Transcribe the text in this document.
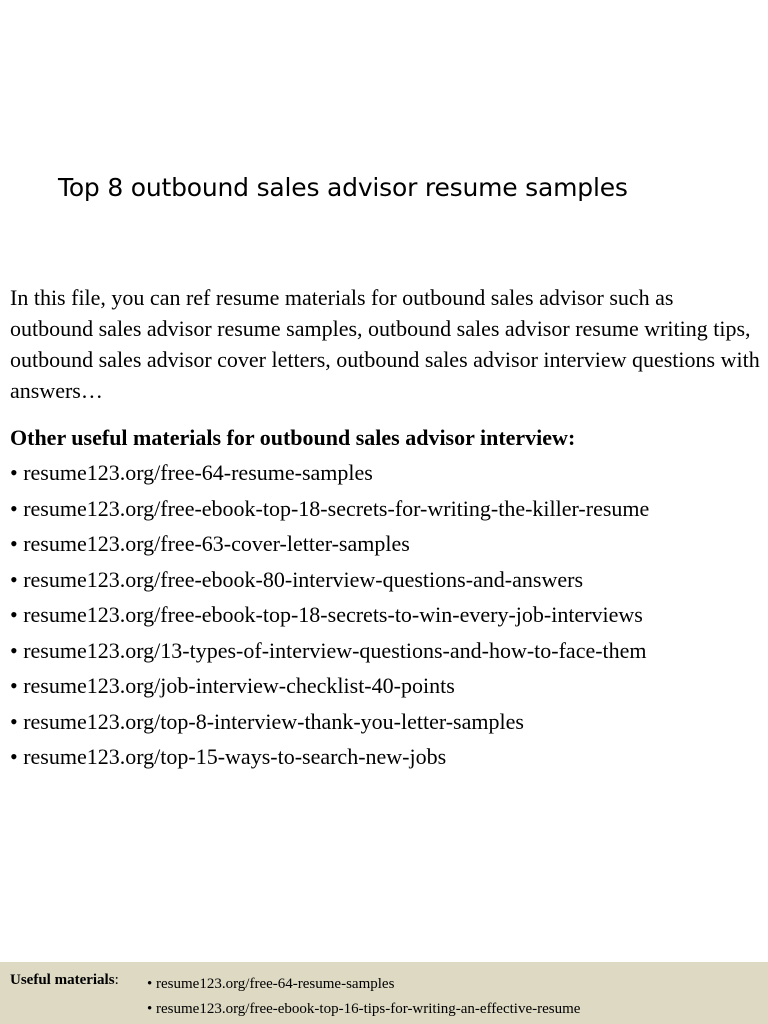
Top 8 outbound sales advisor resume samples
In this file, you can ref resume materials for outbound sales advisor such as outbound sales advisor resume samples, outbound sales advisor resume writing tips, outbound sales advisor cover letters, outbound sales advisor interview questions with answers…
Other useful materials for outbound sales advisor interview:
• resume123.org/free-64-resume-samples
• resume123.org/free-ebook-top-18-secrets-for-writing-the-killer-resume
• resume123.org/free-63-cover-letter-samples
• resume123.org/free-ebook-80-interview-questions-and-answers
• resume123.org/free-ebook-top-18-secrets-to-win-every-job-interviews
• resume123.org/13-types-of-interview-questions-and-how-to-face-them
• resume123.org/job-interview-checklist-40-points
• resume123.org/top-8-interview-thank-you-letter-samples
• resume123.org/top-15-ways-to-search-new-jobs
Useful materials: • resume123.org/free-64-resume-samples
• resume123.org/free-ebook-top-16-tips-for-writing-an-effective-resume
